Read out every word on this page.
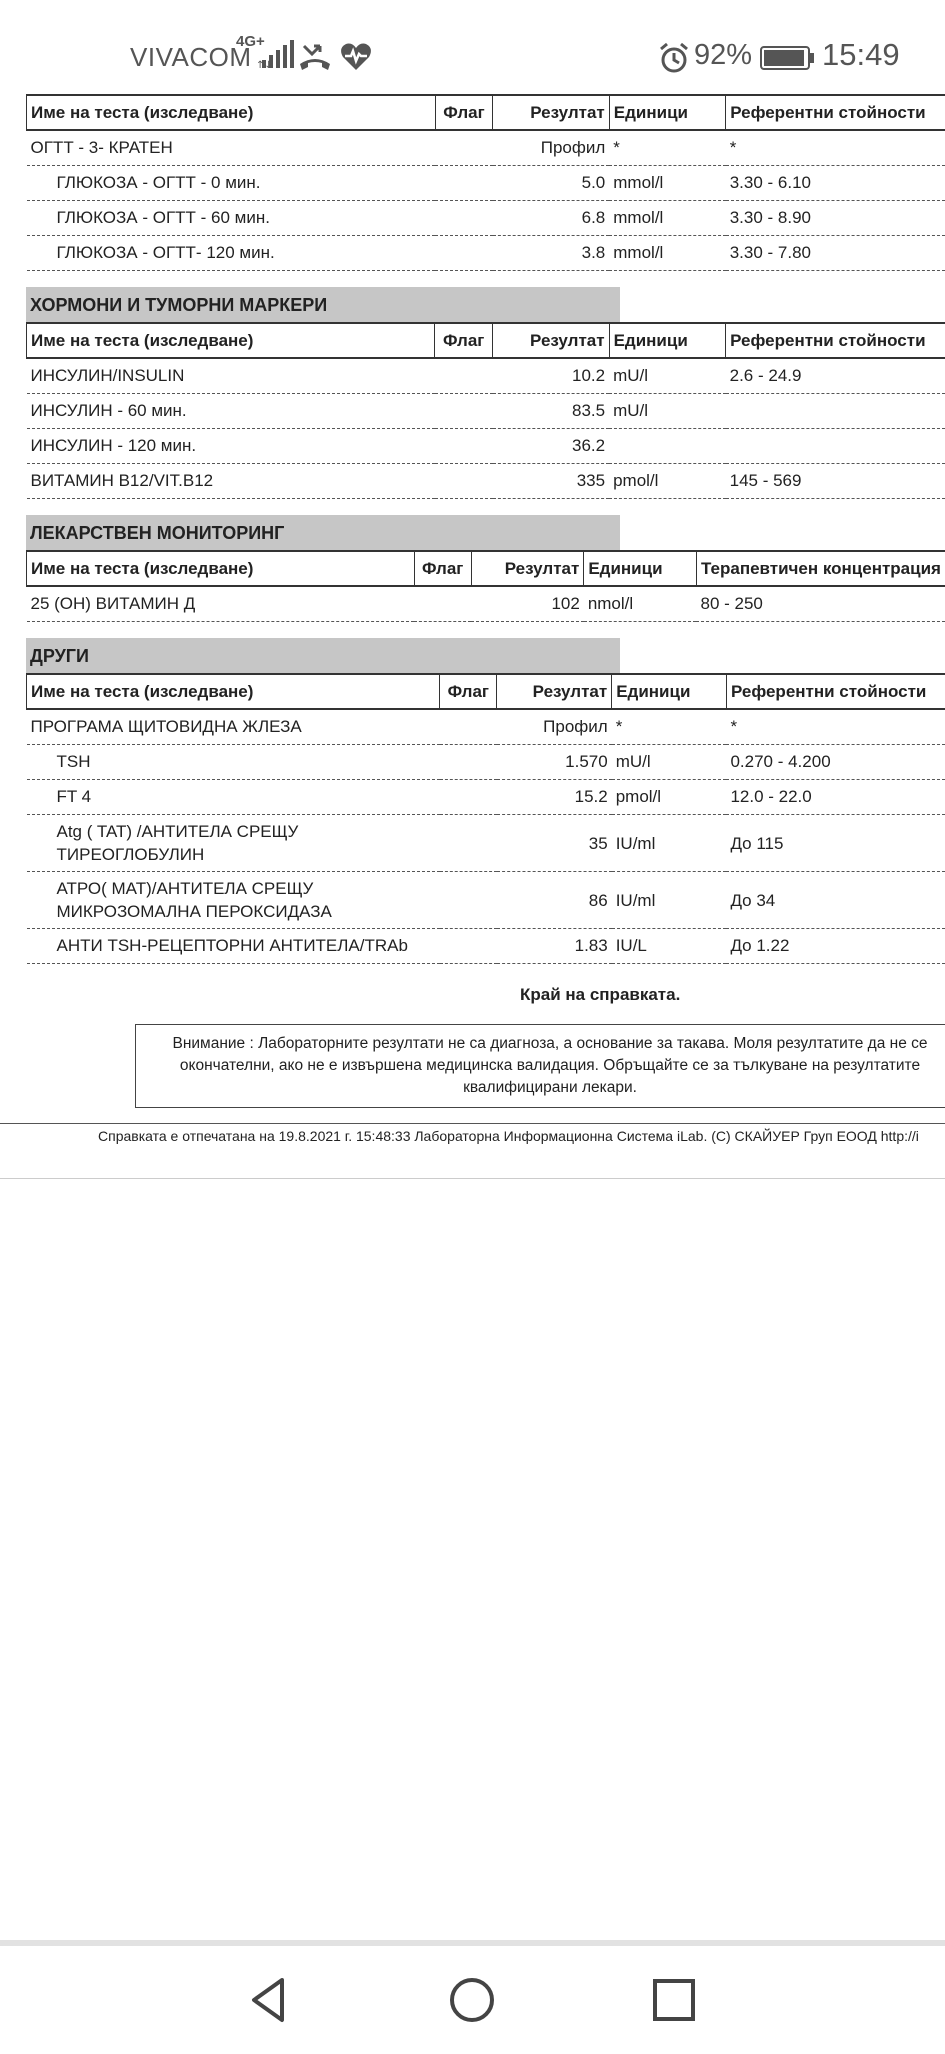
VIVACOM
4G+
↑↓	92% 15:49
Име на теста (изследване)	Флаг	Резултат	Единици	Референтни стойности
ОГТТ - 3- КРАТЕН		Профил	*	*
ГЛЮКОЗА - ОГТТ - 0 мин.		5.0	mmol/l	3.30 - 6.10
ГЛЮКОЗА - ОГТТ - 60 мин.		6.8	mmol/l	3.30 - 8.90
ГЛЮКОЗА - ОГТТ- 120 мин.		3.8	mmol/l	3.30 - 7.80
ХОРМОНИ И ТУМОРНИ МАРКЕРИ
Име на теста (изследване)	Флаг	Резултат	Единици	Референтни стойности
ИНСУЛИН/INSULIN		10.2	mU/l	2.6 - 24.9
ИНСУЛИН - 60 мин.		83.5	mU/l	
ИНСУЛИН - 120 мин.		36.2		
ВИТАМИН B12/VIT.B12		335	pmol/l	145 - 569
ЛЕКАРСТВЕН МОНИТОРИНГ
Име на теста (изследване)	Флаг	Резултат	Единици	Терапевтичен концентрация
25 (OH) ВИТАМИН Д		102	nmol/l	80 - 250
ДРУГИ
Име на теста (изследване)	Флаг	Резултат	Единици	Референтни стойности
ПРОГРАМА ЩИТОВИДНА ЖЛЕЗА		Профил	*	*
TSH		1.570	mU/l	0.270 - 4.200
FT 4		15.2	pmol/l	12.0 - 22.0
Atg ( TAT) /АНТИТЕЛА СРЕЩУ ТИРЕОГЛОБУЛИН		35	IU/ml	До 115
АТРО( MAT)/АНТИТЕЛА СРЕЩУ МИКРОЗОМАЛНА ПЕРОКСИДАЗА		86	IU/ml	До 34
АНТИ TSH-РЕЦЕПТОРНИ АНТИТЕЛА/TRAb		1.83	IU/L	До 1.22
Край на справката.
Внимание : Лабораторните резултати не са диагноза, а основание за такава. Моля резултатите да не се
окончателни, ако не е извършена медицинска валидация. Обръщайте се за тълкуване на резултатите
квалифицирани лекари.
Справката е отпечатана на 19.8.2021 г. 15:48:33 Лабораторна Информационна Система iLab. (C) СКАЙУЕР Груп ЕООД http://i
